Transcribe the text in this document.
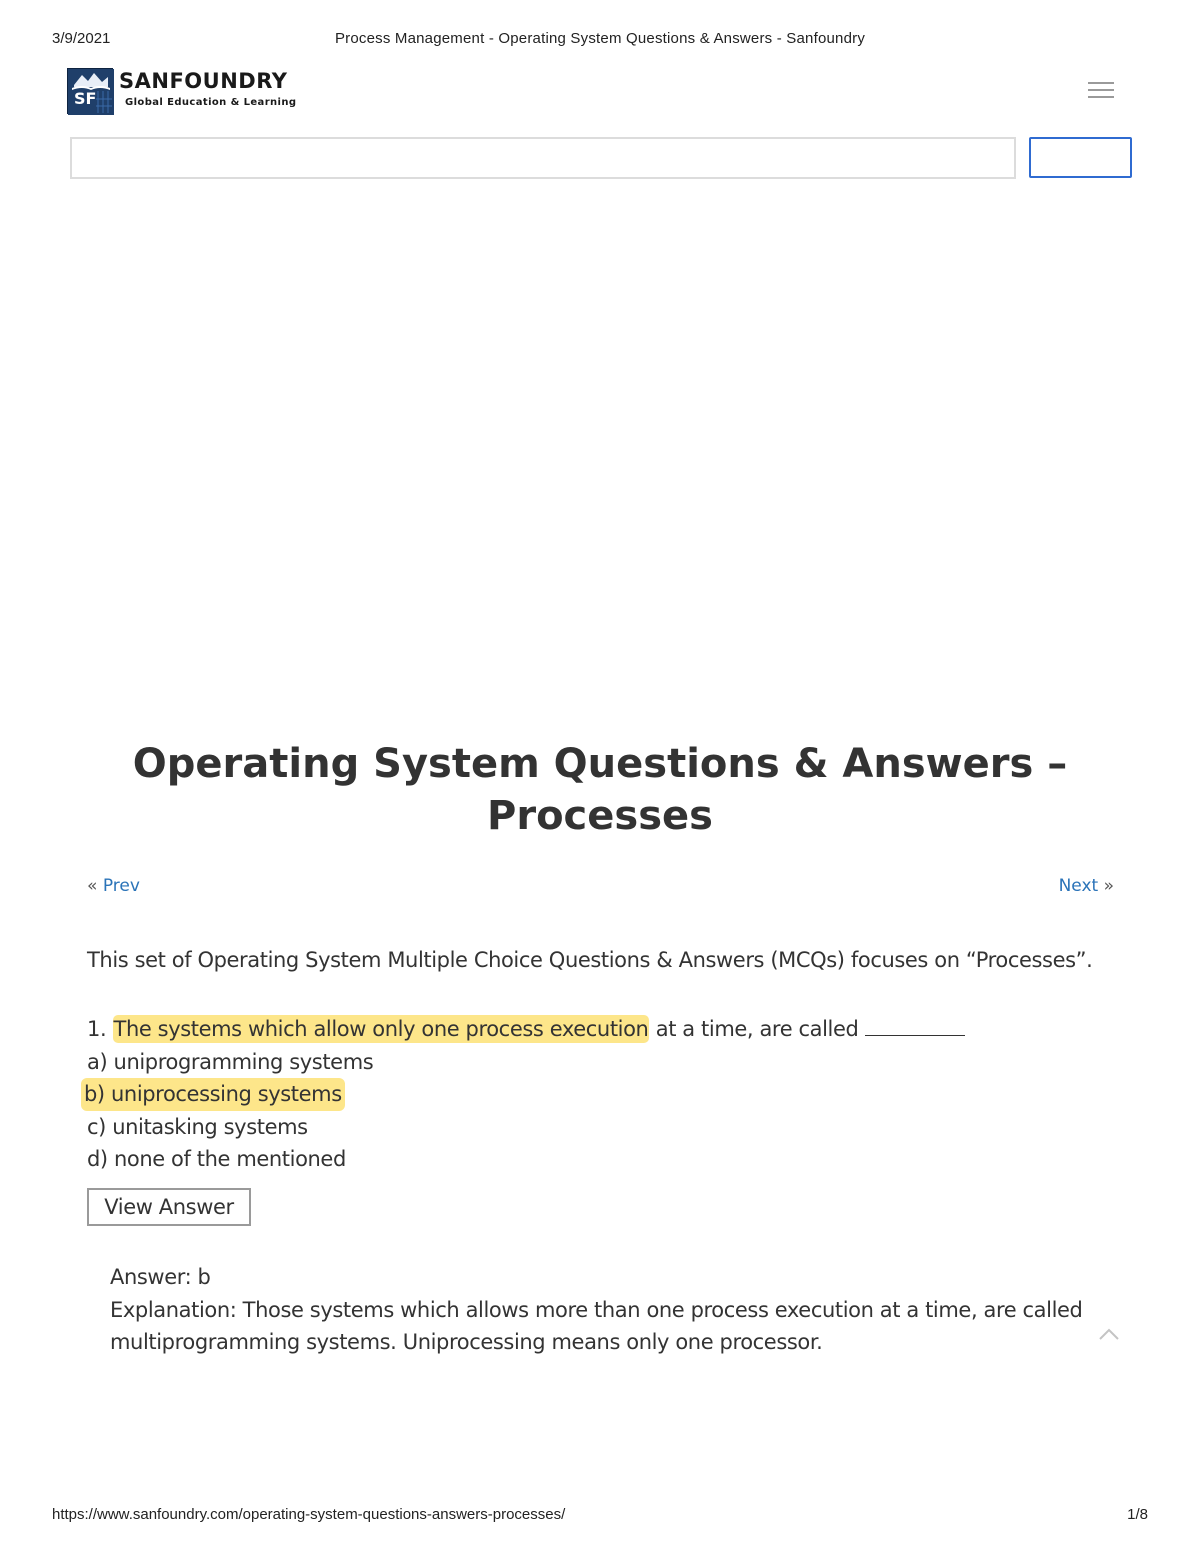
3/9/2021	Process Management - Operating System Questions & Answers - Sanfoundry
SF
SANFOUNDRY
Global Education & Learning
Operating System Questions & Answers – Processes
« Prev	Next »

This set of Operating System Multiple Choice Questions & Answers (MCQs) focuses on “Processes”.

1. The systems which allow only one process execution at a time, are called
a) uniprogramming systems
b) uniprocessing systems
c) unitasking systems
d) none of the mentioned
View Answer
Answer: b
Explanation: Those systems which allows more than one process execution at a time, are called multiprogramming systems. Uniprocessing means only one processor.
https://www.sanfoundry.com/operating-system-questions-answers-processes/	1/8
